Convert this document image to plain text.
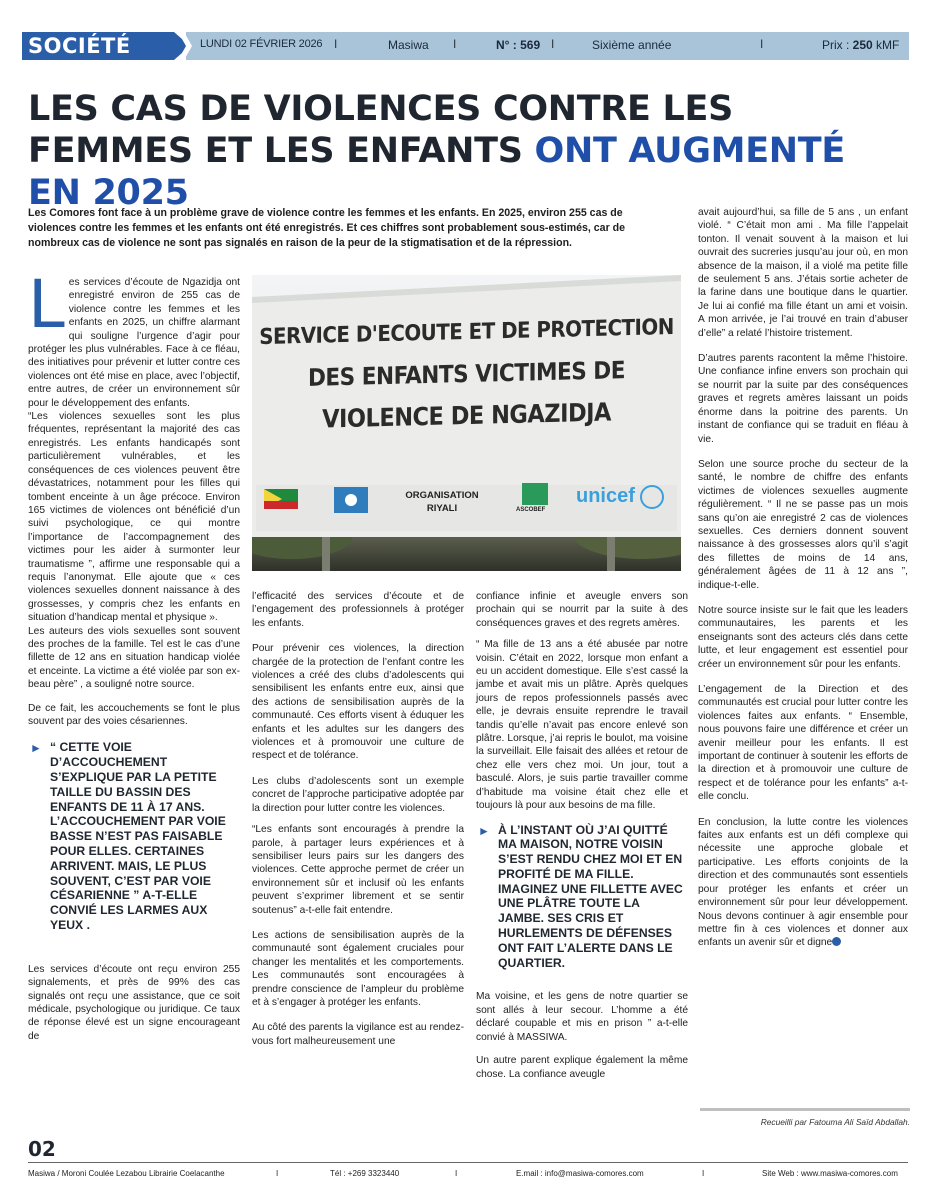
SOCIÉTÉ	LUNDI 02 FÉVRIER 2026 I	Masiwa I	N° : 569 I	Sixième année	I	Prix : 250 kMF
LES CAS DE VIOLENCES CONTRE LES FEMMES ET LES ENFANTS ONT AUGMENTÉ EN 2025

Les Comores font face à un problème grave de violence contre les femmes et les enfants. En 2025, environ 255 cas de violences contre les femmes et les enfants ont été enregistrés. Et ces chiffres sont probablement sous-estimés, car de nombreux cas de violence ne sont pas signalés en raison de la peur de la stigmatisation et de la répression.

Les services d’écoute de Ngazidja ont enregistré environ de 255 cas de violence contre les femmes et les enfants en 2025, un chiffre alarmant qui souligne l’urgence d’agir pour protéger les plus vulnérables. Face à ce fléau, des initiatives pour prévenir et lutter contre ces violences ont été mise en place, avec l’objectif, entre autres, de créer un environnement sûr pour le développement des enfants.
“Les violences sexuelles sont les plus fréquentes, représentant la majorité des cas enregistrés. Les enfants handicapés sont particulièrement vulnérables, et les conséquences de ces violences peuvent être dévastatrices, notamment pour les filles qui tombent enceinte à un âge précoce. Environ 165 victimes de violences ont bénéficié d’un suivi psychologique, ce qui montre l’importance de l’accompagnement des victimes pour les aider à surmonter leur traumatisme ”, affirme une responsable qui a requis l’anonymat. Elle ajoute que « ces violences sexuelles donnent naissance à des grossesses, y compris chez les enfants en situation d’handicap mental et physique ».
Les auteurs des viols sexuelles sont souvent des proches de la famille. Tel est le cas d’une fillette de 12 ans en situation handicap violée et enceinte. La victime a été violée par son ex-beau père” , a souligné notre source.

De ce fait, les accouchements se font le plus souvent par des voies césariennes.

► “ CETTE VOIE D’ACCOUCHEMENT S’EXPLIQUE PAR LA PETITE TAILLE DU BASSIN DES ENFANTS DE 11 À 17 ANS. L’ACCOUCHEMENT PAR VOIE BASSE N’EST PAS FAISABLE POUR ELLES. CERTAINES ARRIVENT. MAIS, LE PLUS SOUVENT, C’EST PAR VOIE CÉSARIENNE ” A-T-ELLE CONVIÉ LES LARMES AUX YEUX .

Les services d’écoute ont reçu environ 255 signalements, et près de 99% des cas signalés ont reçu une assistance, que ce soit médicale, psychologique ou juridique. Ce taux de réponse élevé est un signe encourageant de

SERVICE D'ECOUTE ET DE PROTECTION
DES ENFANTS VICTIMES DE
VIOLENCE DE NGAZIDJA
ORGANISATION
RIYALI	ASCOBEF
unicef

l’efficacité des services d’écoute et de l’engagement des professionnels à protéger les enfants.

Pour prévenir ces violences, la direction chargée de la protection de l’enfant contre les violences a créé des clubs d’adolescents qui sensibilisent les enfants entre eux, ainsi que des actions de sensibilisation auprès de la communauté. Ces efforts visent à éduquer les enfants et les adultes sur les dangers des violences et à promouvoir une culture de respect et de tolérance.

Les clubs d’adolescents sont un exemple concret de l’approche participative adoptée par la direction pour lutter contre les violences.

“Les enfants sont encouragés à prendre la parole, à partager leurs expériences et à sensibiliser leurs pairs sur les dangers des violences. Cette approche permet de créer un environnement sûr et inclusif où les enfants peuvent s’exprimer librement et se sentir soutenus” a-t-elle fait entendre.

Les actions de sensibilisation auprès de la communauté sont également cruciales pour changer les mentalités et les comportements. Les communautés sont encouragées à prendre conscience de l’ampleur du problème et à s’engager à protéger les enfants.

Au côté des parents la vigilance est au rendez-vous fort malheureusement une

confiance infinie et aveugle envers son prochain qui se nourrit par la suite à des conséquences graves et des regrets amères.

“ Ma fille de 13 ans a été abusée par notre voisin. C’était en 2022, lorsque mon enfant a eu un accident domestique. Elle s’est cassé la jambe et avait mis un plâtre. Après quelques jours de repos professionnels passés avec elle, je devrais ensuite reprendre le travail tandis qu’elle n’avait pas encore enlevé son plâtre. Lorsque, j’ai repris le boulot, ma voisine la surveillait. Elle faisait des allées et retour de chez elle vers chez moi. Un jour, tout a basculé. Alors, je suis partie travailler comme d’habitude ma voisine était chez elle et toujours là pour aux besoins de ma fille.

► À L’INSTANT OÙ J’AI QUITTÉ MA MAISON, NOTRE VOISIN S’EST RENDU CHEZ MOI ET EN PROFITÉ DE MA FILLE. IMAGINEZ UNE FILLETTE AVEC UNE PLÂTRE TOUTE LA JAMBE. SES CRIS ET HURLEMENTS DE DÉFENSES ONT FAIT L’ALERTE DANS LE QUARTIER.

Ma voisine, et les gens de notre quartier se sont allés à leur secour. L’homme a été déclaré coupable et mis en prison ” a-t-elle convié à MASSIWA.

Un autre parent explique également la même chose. La confiance aveugle

avait aujourd’hui, sa fille de 5 ans , un enfant violé. “ C’était mon ami . Ma fille l’appelait tonton. Il venait souvent à la maison et lui ouvrait des sucreries jusqu’au jour où, en mon absence de la maison, il a violé ma petite fille de seulement 5 ans. J’étais sortie acheter de la farine dans une boutique dans le quartier. Je lui ai confié ma fille étant un ami et voisin. A mon arrivée, je l’ai trouvé en train d’abuser d’elle” a relaté l’histoire tristement.

D’autres parents racontent la même l’histoire. Une confiance infine envers son prochain qui se nourrit par la suite par des conséquences graves et regrets amères laissant un poids énorme dans la poitrine des parents. Un instant de confiance qui se traduit en fléau à vie.

Selon une source proche du secteur de la santé, le nombre de chiffre des enfants victimes de violences sexuelles augmente régulièrement. “ Il ne se passe pas un mois sans qu’on aie enregistré 2 cas de violences sexuelles. Ces derniers donnent souvent naissance à des grossesses alors qu’il s’agit des fillettes de moins de 14 ans, généralement âgées de 11 à 12 ans ”, indique-t-elle.

Notre source insiste sur le fait que les leaders communautaires, les parents et les enseignants sont des acteurs clés dans cette lutte, et leur engagement est essentiel pour créer un environnement sûr pour les enfants.

L’engagement de la Direction et des communautés est crucial pour lutter contre les violences faites aux enfants. “ Ensemble, nous pouvons faire une différence et créer un avenir meilleur pour les enfants. Il est important de continuer à soutenir les efforts de la direction et à promouvoir une culture de respect et de tolérance pour les enfants” a-t-elle conclu.

En conclusion, la lutte contre les violences faites aux enfants est un défi complexe qui nécessite une approche globale et participative. Les efforts conjoints de la direction et des communautés sont essentiels pour protéger les enfants et créer un environnement sûr pour leur développement. Nous devons continuer à agir ensemble pour mettre fin à ces violences et donner aux enfants un avenir sûr et digne

Recueilli par Fatouma Ali Saïd Abdallah.
02
Masiwa / Moroni Coulée Lezabou Librairie Coelacanthe	I	Tél : +269 3323440	I	E.mail : info@masiwa-comores.com	I	Site Web : www.masiwa-comores.com
